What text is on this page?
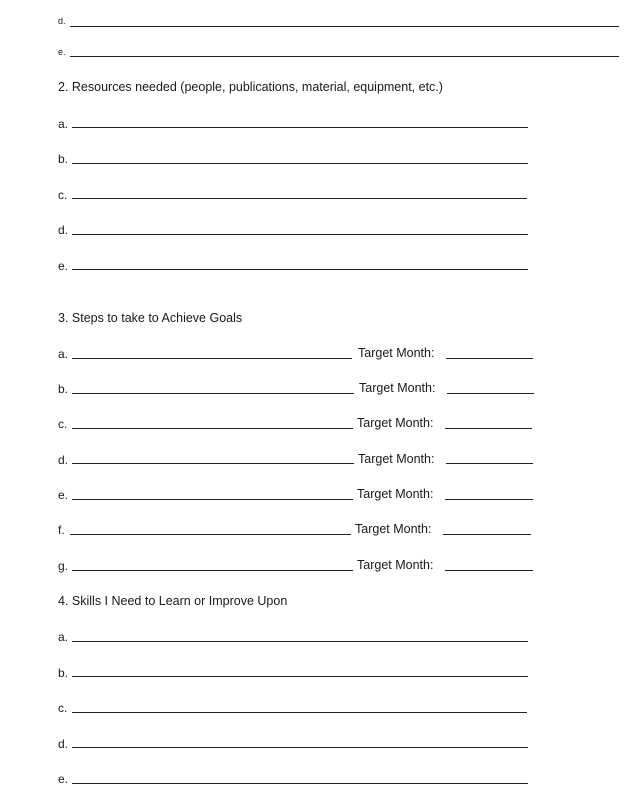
d.
e.
2. Resources needed (people, publications, material, equipment, etc.)
a.
b.
c.
d.
e.
3. Steps to take to Achieve Goals
a.	Target Month:
b.	Target Month:
c.	Target Month:
d.	Target Month:
e.	Target Month:
f.	Target Month:
g.	Target Month:
4. Skills I Need to Learn or Improve Upon
a.
b.
c.
d.
e.
